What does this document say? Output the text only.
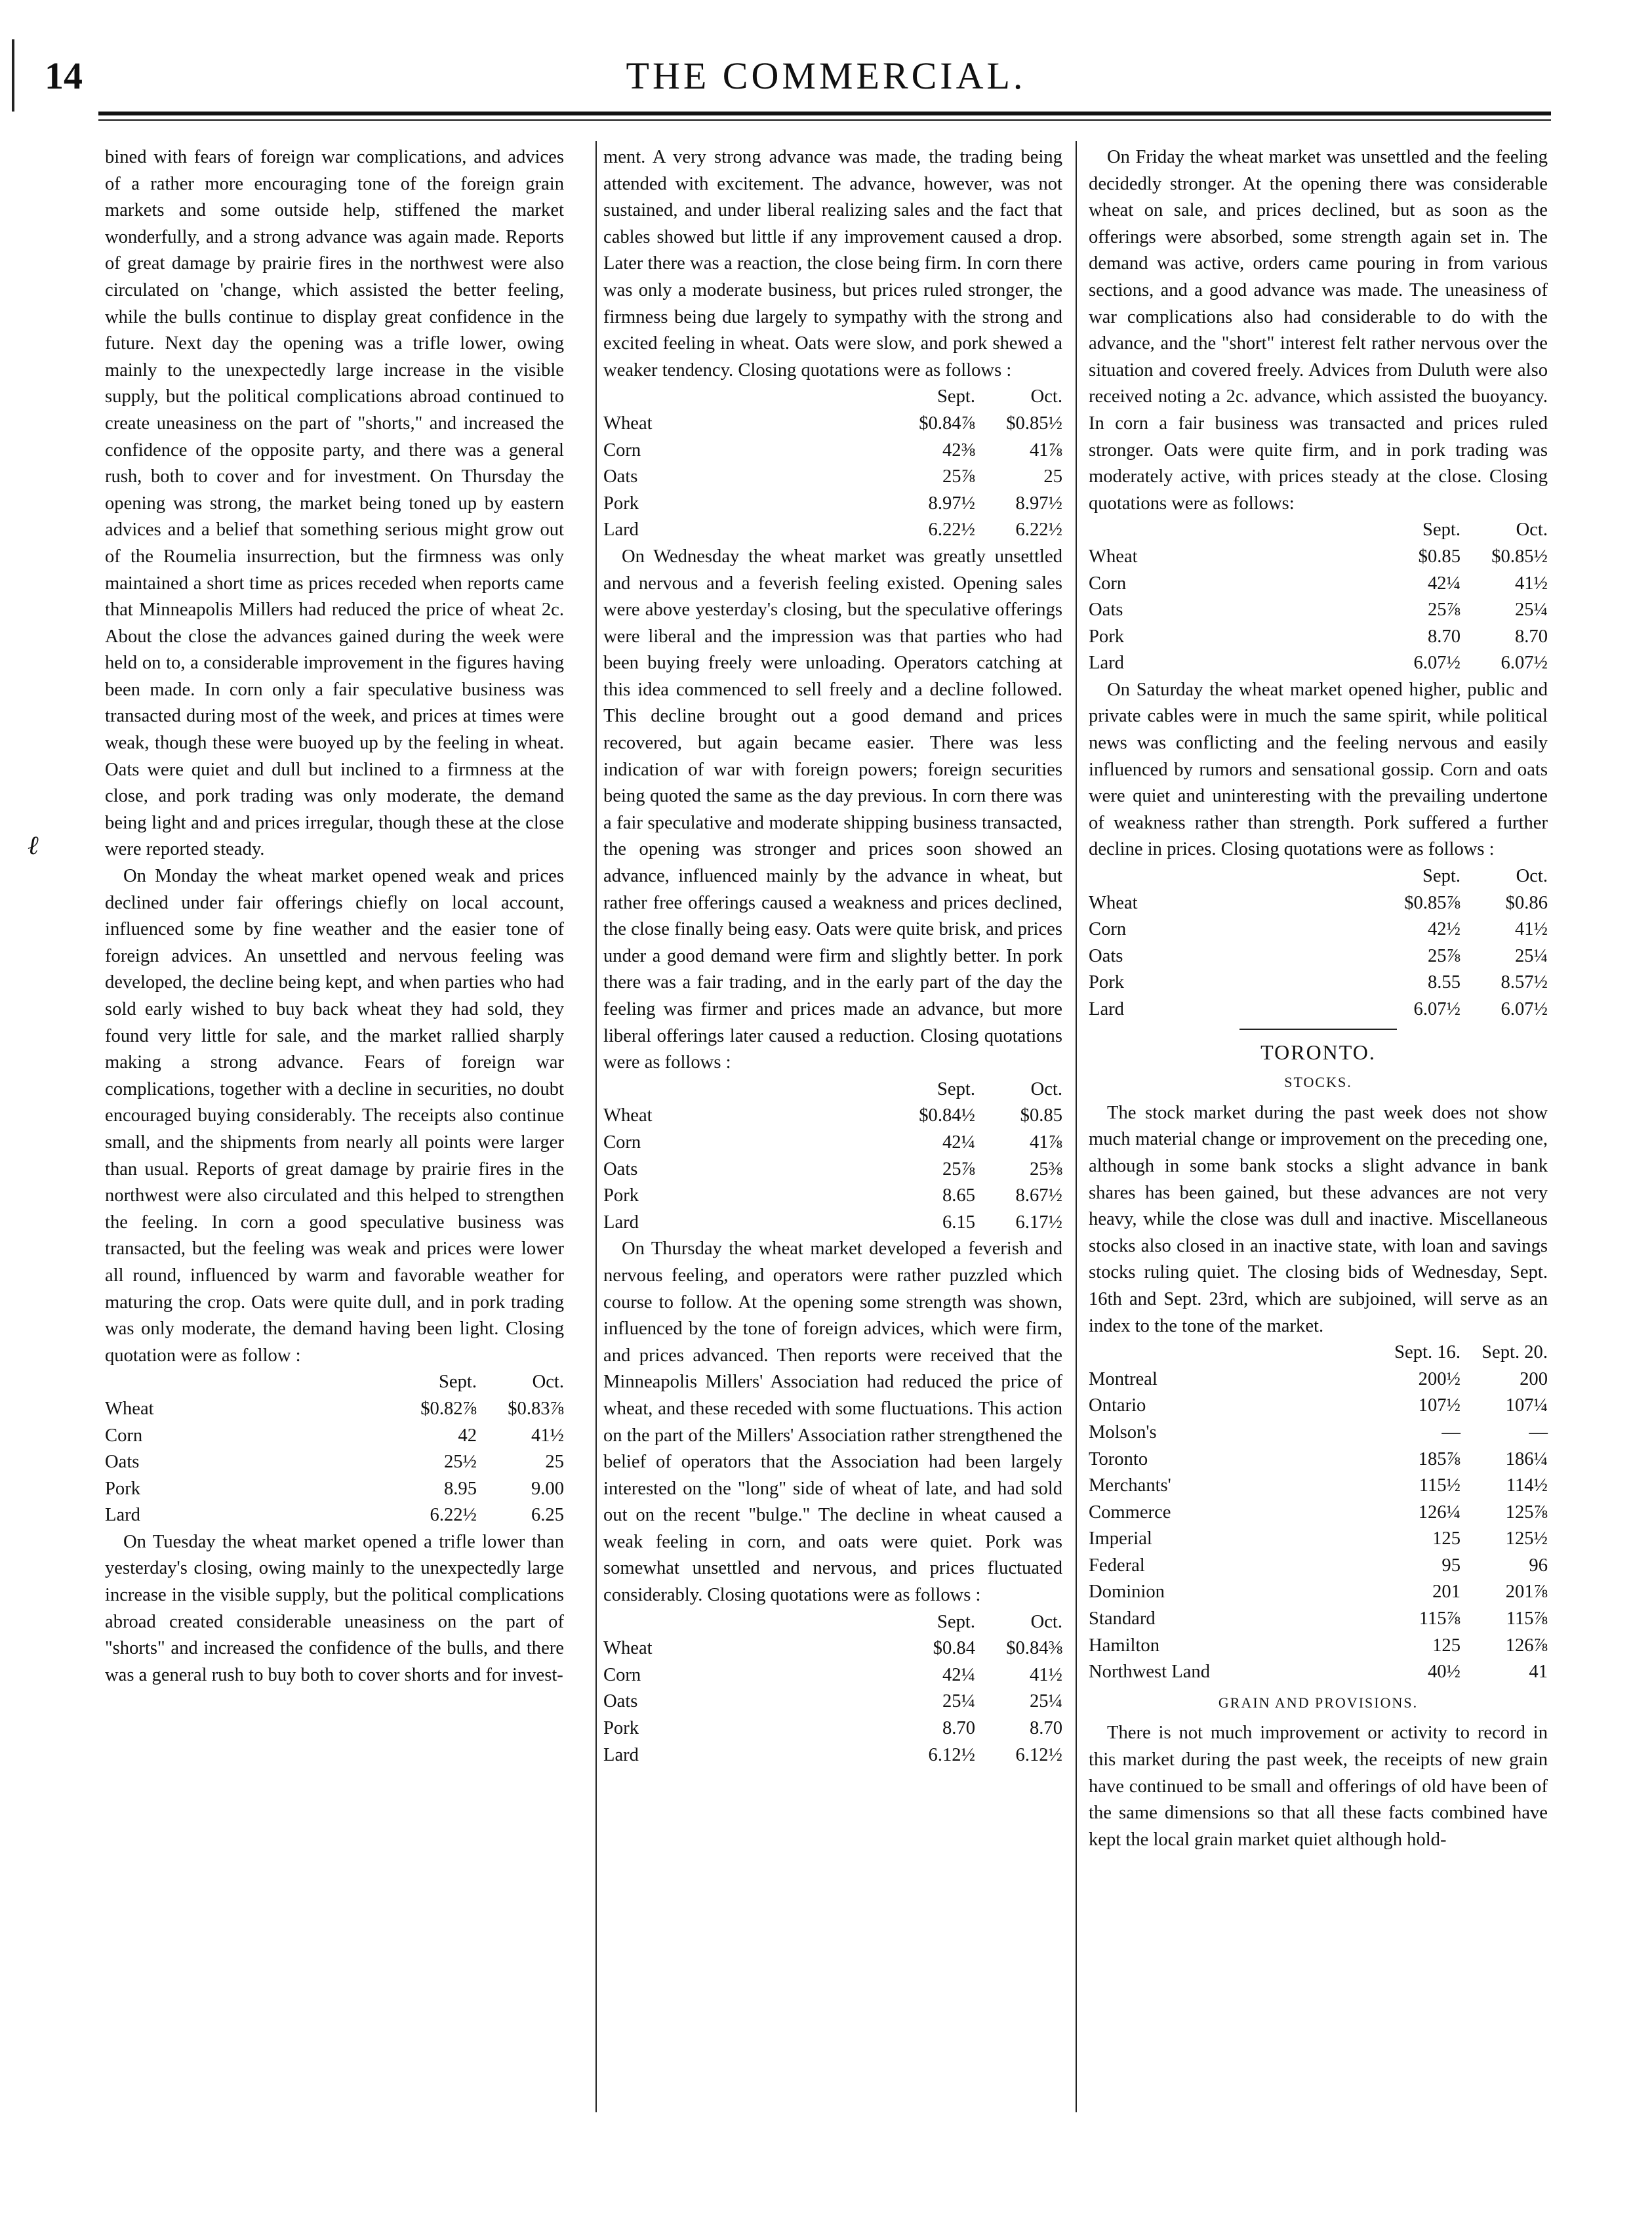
ℓ
14	THE COMMERCIAL.

bined with fears of foreign war complications, and advices of a rather more encouraging tone of the foreign grain markets and some outside help, stiffened the market wonderfully, and a strong advance was again made. Reports of great damage by prairie fires in the northwest were also circulated on 'change, which assisted the better feeling, while the bulls continue to display great confidence in the future. Next day the opening was a trifle lower, owing mainly to the unexpectedly large increase in the visible supply, but the political complications abroad continued to create uneasiness on the part of "shorts," and increased the confidence of the opposite party, and there was a general rush, both to cover and for investment. On Thursday the opening was strong, the market being toned up by eastern advices and a belief that something serious might grow out of the Roumelia insurrection, but the firmness was only maintained a short time as prices receded when reports came that Minneapolis Millers had reduced the price of wheat 2c. About the close the advances gained during the week were held on to, a considerable improvement in the figures having been made. In corn only a fair speculative business was transacted during most of the week, and prices at times were weak, though these were buoyed up by the feeling in wheat. Oats were quiet and dull but inclined to a firmness at the close, and pork trading was only moderate, the demand being light and and prices irregular, though these at the close were reported steady.

On Monday the wheat market opened weak and prices declined under fair offerings chiefly on local account, influenced some by fine weather and the easier tone of foreign advices. An unsettled and nervous feeling was developed, the decline being kept, and when parties who had sold early wished to buy back wheat they had sold, they found very little for sale, and the market rallied sharply making a strong advance. Fears of foreign war complications, together with a decline in securities, no doubt encouraged buying considerably. The receipts also continue small, and the shipments from nearly all points were larger than usual. Reports of great damage by prairie fires in the northwest were also circulated and this helped to strengthen the feeling. In corn a good speculative business was transacted, but the feeling was weak and prices were lower all round, influenced by warm and favorable weather for maturing the crop. Oats were quite dull, and in pork trading was only moderate, the demand having been light. Closing quotation were as follow :

	Sept.	Oct.
Wheat	$0.82⅞	$0.83⅞
Corn	42	41½
Oats	25½	25
Pork	8.95	9.00
Lard	6.22½	6.25

On Tuesday the wheat market opened a trifle lower than yesterday's closing, owing mainly to the unexpectedly large increase in the visible supply, but the political complications abroad created considerable uneasiness on the part of "shorts" and increased the confidence of the bulls, and there was a general rush to buy both to cover shorts and for invest-

ment. A very strong advance was made, the trading being attended with excitement. The advance, however, was not sustained, and under liberal realizing sales and the fact that cables showed but little if any improvement caused a drop. Later there was a reaction, the close being firm. In corn there was only a moderate business, but prices ruled stronger, the firmness being due largely to sympathy with the strong and excited feeling in wheat. Oats were slow, and pork shewed a weaker tendency. Closing quotations were as follows :

	Sept.	Oct.
Wheat	$0.84⅞	$0.85½
Corn	42⅜	41⅞
Oats	25⅞	25
Pork	8.97½	8.97½
Lard	6.22½	6.22½

On Wednesday the wheat market was greatly unsettled and nervous and a feverish feeling existed. Opening sales were above yesterday's closing, but the speculative offerings were liberal and the impression was that parties who had been buying freely were unloading. Operators catching at this idea commenced to sell freely and a decline followed. This decline brought out a good demand and prices recovered, but again became easier. There was less indication of war with foreign powers; foreign securities being quoted the same as the day previous. In corn there was a fair speculative and moderate shipping business transacted, the opening was stronger and prices soon showed an advance, influenced mainly by the advance in wheat, but rather free offerings caused a weakness and prices declined, the close finally being easy. Oats were quite brisk, and prices under a good demand were firm and slightly better. In pork there was a fair trading, and in the early part of the day the feeling was firmer and prices made an advance, but more liberal offerings later caused a reduction. Closing quotations were as follows :

	Sept.	Oct.
Wheat	$0.84½	$0.85
Corn	42¼	41⅞
Oats	25⅞	25⅜
Pork	8.65	8.67½
Lard	6.15	6.17½

On Thursday the wheat market developed a feverish and nervous feeling, and operators were rather puzzled which course to follow. At the opening some strength was shown, influenced by the tone of foreign advices, which were firm, and prices advanced. Then reports were received that the Minneapolis Millers' Association had reduced the price of wheat, and these receded with some fluctuations. This action on the part of the Millers' Association rather strengthened the belief of operators that the Association had been largely interested on the "long" side of wheat of late, and had sold out on the recent "bulge." The decline in wheat caused a weak feeling in corn, and oats were quiet. Pork was somewhat unsettled and nervous, and prices fluctuated considerably. Closing quotations were as follows :

	Sept.	Oct.
Wheat	$0.84	$0.84⅜
Corn	42¼	41½
Oats	25¼	25¼
Pork	8.70	8.70
Lard	6.12½	6.12½

On Friday the wheat market was unsettled and the feeling decidedly stronger. At the opening there was considerable wheat on sale, and prices declined, but as soon as the offerings were absorbed, some strength again set in. The demand was active, orders came pouring in from various sections, and a good advance was made. The uneasiness of war complications also had considerable to do with the advance, and the "short" interest felt rather nervous over the situation and covered freely. Advices from Duluth were also received noting a 2c. advance, which assisted the buoyancy. In corn a fair business was transacted and prices ruled stronger. Oats were quite firm, and in pork trading was moderately active, with prices steady at the close. Closing quotations were as follows:

	Sept.	Oct.
Wheat	$0.85	$0.85½
Corn	42¼	41½
Oats	25⅞	25¼
Pork	8.70	8.70
Lard	6.07½	6.07½

On Saturday the wheat market opened higher, public and private cables were in much the same spirit, while political news was conflicting and the feeling nervous and easily influenced by rumors and sensational gossip. Corn and oats were quiet and uninteresting with the prevailing undertone of weakness rather than strength. Pork suffered a further decline in prices. Closing quotations were as follows :

	Sept.	Oct.
Wheat	$0.85⅞	$0.86
Corn	42½	41½
Oats	25⅞	25¼
Pork	8.55	8.57½
Lard	6.07½	6.07½
TORONTO.
STOCKS.

The stock market during the past week does not show much material change or improvement on the preceding one, although in some bank stocks a slight advance in bank shares has been gained, but these advances are not very heavy, while the close was dull and inactive. Miscellaneous stocks also closed in an inactive state, with loan and savings stocks ruling quiet. The closing bids of Wednesday, Sept. 16th and Sept. 23rd, which are subjoined, will serve as an index to the tone of the market.

	Sept. 16.	Sept. 20.
Montreal	200½	200
Ontario	107½	107¼
Molson's	—	—
Toronto	185⅞	186¼
Merchants'	115½	114½
Commerce	126¼	125⅞
Imperial	125	125½
Federal	95	96
Dominion	201	201⅞
Standard	115⅞	115⅞
Hamilton	125	126⅞
Northwest Land	40½	41
GRAIN AND PROVISIONS.

There is not much improvement or activity to record in this market during the past week, the receipts of new grain have continued to be small and offerings of old have been of the same dimensions so that all these facts combined have kept the local grain market quiet although hold-
